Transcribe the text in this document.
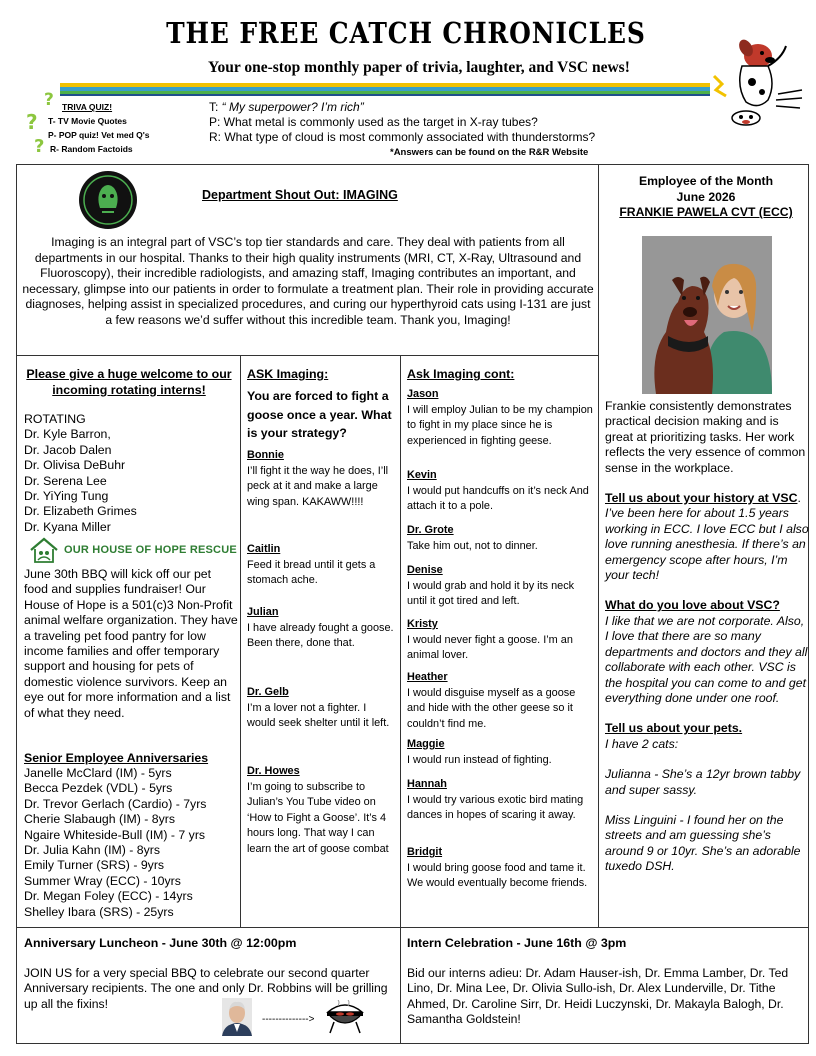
THE FREE CATCH CHRONICLES
Your one-stop monthly paper of trivia, laughter, and VSC news!
? TRIVA QUIZ!
? T- TV Movie Quotes
P- POP quiz! Vet med Q's
? R- Random Factoids
T: “ My superpower? I’m rich”
P: What metal is commonly used as the target in X-ray tubes?
R: What type of cloud is most commonly associated with thunderstorms?
*Answers can be found on the R&R Website
Department Shout Out: IMAGING
Imaging is an integral part of VSC’s top tier standards and care. They deal with patients from all departments in our hospital. Thanks to their high quality instruments (MRI, CT, X-Ray, Ultrasound and Fluoroscopy), their incredible radiologists, and amazing staff, Imaging contributes an important, and necessary, glimpse into our patients in order to formulate a treatment plan. Their role in providing accurate diagnoses, helping assist in specialized procedures, and curing our hyperthyroid cats using I-131 are just a few reasons we’d suffer without this incredible team. Thank you, Imaging!
Employee of the Month
June 2026
FRANKIE PAWELA CVT (ECC)

Frankie consistently demonstrates practical decision making and is great at prioritizing tasks. Her work reflects the very essence of common sense in the workplace.

Tell us about your history at VSC.

I’ve been here for about 1.5 years working in ECC. I love ECC but I also love running anesthesia. If there’s an emergency scope after hours, I’m your tech!

What do you love about VSC?

I like that we are not corporate. Also, I love that there are so many departments and doctors and they all collaborate with each other. VSC is the hospital you can come to and get everything done under one roof.

Tell us about your pets.

I have 2 cats:

Julianna - She’s a 12yr brown tabby and super sassy.

Miss Linguini - I found her on the streets and am guessing she’s around 9 or 10yr. She’s an adorable tuxedo DSH.

Please give a huge welcome to our incoming rotating interns!
ROTATING
Dr. Kyle Barron,
Dr. Jacob Dalen
Dr. Olivisa DeBuhr
Dr. Serena Lee
Dr. YiYing Tung
Dr. Elizabeth Grimes
Dr. Kyana Miller
OUR HOUSE OF HOPE RESCUE
June 30th BBQ will kick off our pet food and supplies fundraiser! Our House of Hope is a 501(c)3 Non-Profit animal welfare organization. They have a traveling pet food pantry for low income families and offer temporary support and housing for pets of domestic violence survivors. Keep an eye out for more information and a list of what they need.
Senior Employee Anniversaries
Janelle McClard (IM) - 5yrs
Becca Pezdek (VDL) - 5yrs
Dr. Trevor Gerlach (Cardio) - 7yrs
Cherie Slabaugh (IM) - 8yrs
Ngaire Whiteside-Bull (IM) - 7 yrs
Dr. Julia Kahn (IM) - 8yrs
Emily Turner (SRS) - 9yrs
Summer Wray (ECC) - 10yrs
Dr. Megan Foley (ECC) - 14yrs
Shelley Ibara (SRS) - 25yrs
ASK Imaging:
You are forced to fight a goose once a year. What is your strategy?
Bonnie
I’ll fight it the way he does, I’ll peck at it and make a large wing span. KAKAWW!!!!
Caitlin
Feed it bread until it gets a stomach ache.
Julian
I have already fought a goose. Been there, done that.
Dr. Gelb
I’m a lover not a fighter. I would seek shelter until it left.
Dr. Howes
I’m going to subscribe to Julian’s You Tube video on ‘How to Fight a Goose’. It’s 4 hours long. That way I can learn the art of goose combat
Ask Imaging cont:
Jason
I will employ Julian to be my champion to fight in my place since he is experienced in fighting geese.
Kevin
I would put handcuffs on it’s neck And attach it to a pole.
Dr. Grote
Take him out, not to dinner.
Denise
I would grab and hold it by its neck until it got tired and left.
Kristy
I would never fight a goose. I’m an animal lover.
Heather
I would disguise myself as a goose and hide with the other geese so it couldn’t find me.
Maggie
I would run instead of fighting.
Hannah
I would try various exotic bird mating dances in hopes of scaring it away.
Bridgit
I would bring goose food and tame it. We would eventually become friends.
Anniversary Luncheon - June 30th @ 12:00pm
JOIN US for a very special BBQ to celebrate our second quarter Anniversary recipients. The one and only Dr. Robbins will be grilling up all the fixins!
-------------->
Intern Celebration - June 16th @ 3pm
Bid our interns adieu: Dr. Adam Hauser-ish, Dr. Emma Lamber, Dr. Ted Lino, Dr. Mina Lee, Dr. Olivia Sullo-ish, Dr. Alex Lunderville, Dr. Tithe Ahmed, Dr. Caroline Sirr, Dr. Heidi Luczynski, Dr. Makayla Balogh, Dr. Samantha Goldstein!
